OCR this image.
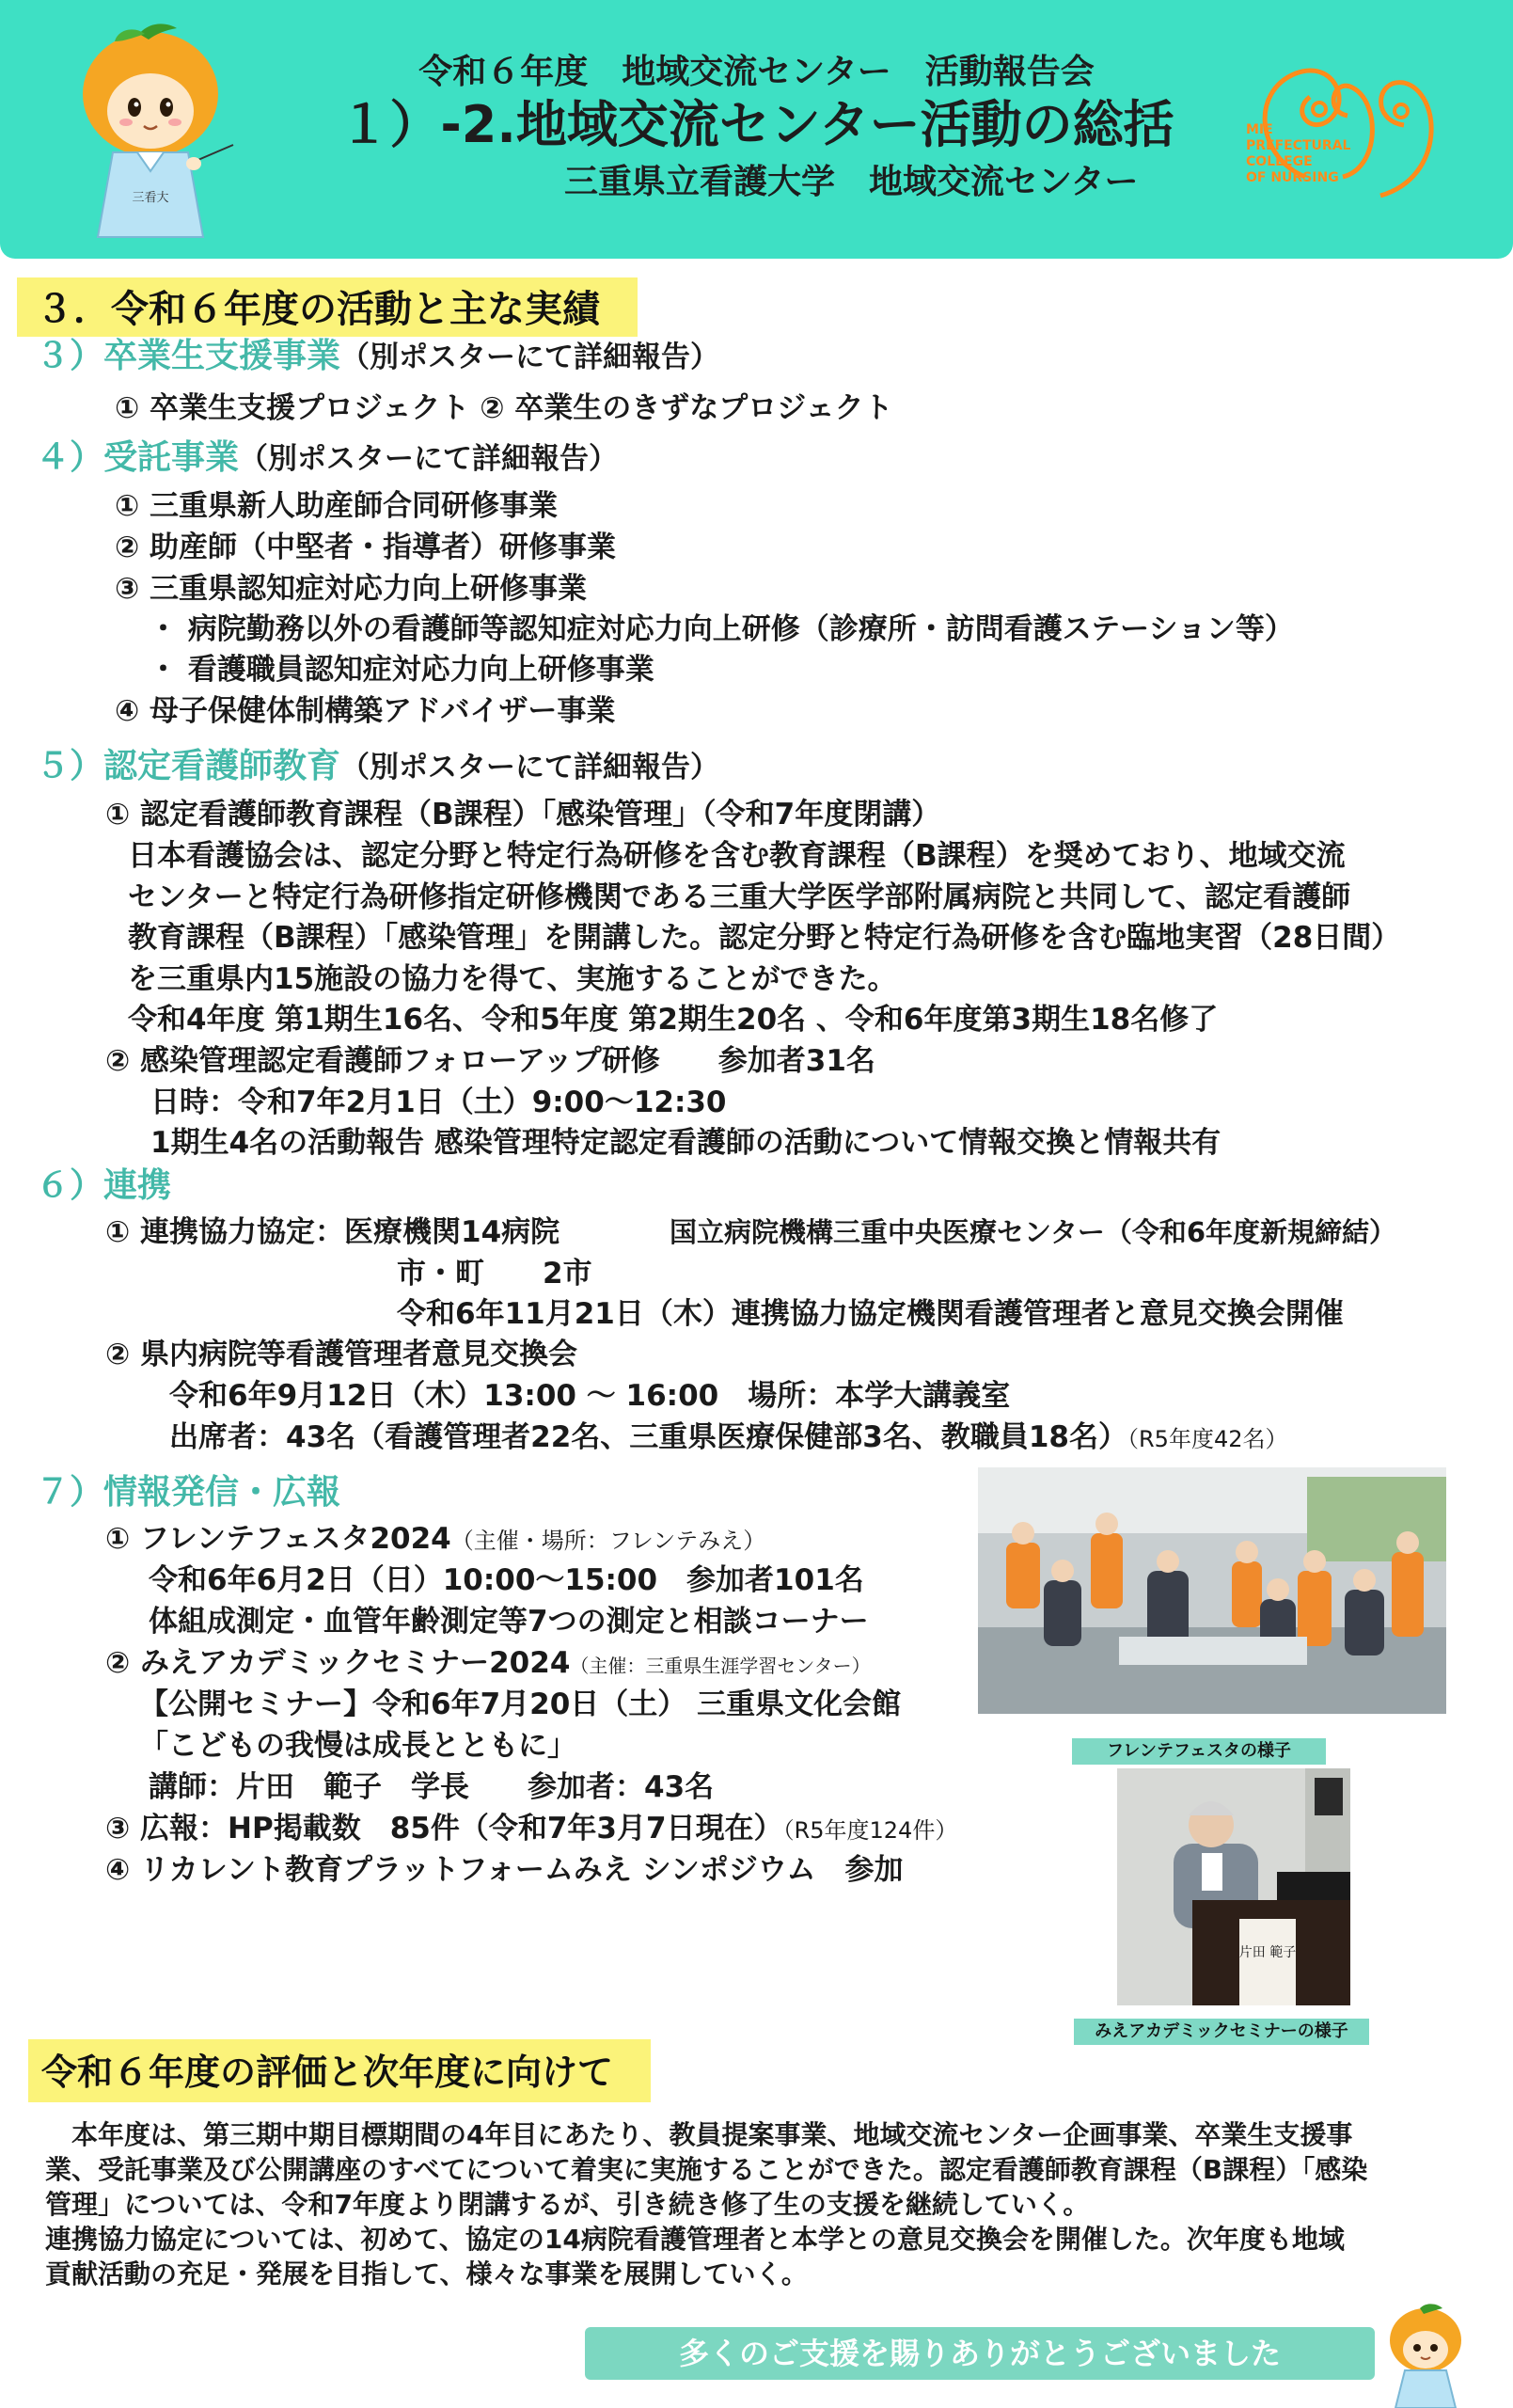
三看大
令和６年度　地域交流センター　活動報告会
１）-2.地域交流センター活動の総括
三重県立看護大学　地域交流センター
MIE
PREFECTURAL
COLLEGE
OF NURSING
３．令和６年度の活動と主な実績
３）卒業生支援事業（別ポスターにて詳細報告）
① 卒業生支援プロジェクト ② 卒業生のきずなプロジェクト
４）受託事業（別ポスターにて詳細報告）
① 三重県新人助産師合同研修事業
② 助産師（中堅者・指導者）研修事業
③ 三重県認知症対応力向上研修事業
・ 病院勤務以外の看護師等認知症対応力向上研修（診療所・訪問看護ステーション等）
・ 看護職員認知症対応力向上研修事業
④ 母子保健体制構築アドバイザー事業
５）認定看護師教育（別ポスターにて詳細報告）
① 認定看護師教育課程（B課程）「感染管理」（令和7年度閉講）
日本看護協会は、認定分野と特定行為研修を含む教育課程（B課程）を奨めており、地域交流
センターと特定行為研修指定研修機関である三重大学医学部附属病院と共同して、認定看護師
教育課程（B課程）「感染管理」を開講した。認定分野と特定行為研修を含む臨地実習（28日間）
を三重県内15施設の協力を得て、実施することができた。
令和4年度 第1期生16名、令和5年度 第2期生20名 、令和6年度第3期生18名修了
② 感染管理認定看護師フォローアップ研修　　参加者31名
日時：令和7年2月1日（土）9:00～12:30
1期生4名の活動報告 感染管理特定認定看護師の活動について情報交換と情報共有
６）連携
① 連携協力協定：医療機関14病院	国立病院機構三重中央医療センター（令和6年度新規締結）
市・町　　2市
令和6年11月21日（木）連携協力協定機関看護管理者と意見交換会開催
② 県内病院等看護管理者意見交換会
令和6年9月12日（木）13:00 ～ 16:00　場所：本学大講義室
出席者：43名（看護管理者22名、三重県医療保健部3名、教職員18名）（R5年度42名）
７）情報発信・広報
① フレンテフェスタ2024（主催・場所：フレンテみえ）
令和6年6月2日（日）10:00～15:00　参加者101名
体組成測定・血管年齢測定等7つの測定と相談コーナー
② みえアカデミックセミナー2024（主催：三重県生涯学習センター）
【公開セミナー】令和6年7月20日（土） 三重県文化会館
「こどもの我慢は成長とともに」
講師：片田　範子　学長　　参加者：43名
③ 広報：HP掲載数　85件（令和7年3月7日現在）（R5年度124件）
④ リカレント教育プラットフォームみえ シンポジウム　参加
フレンテフェスタの様子
片田 範子
みえアカデミックセミナーの様子
令和６年度の評価と次年度に向けて
　本年度は、第三期中期目標期間の4年目にあたり、教員提案事業、地域交流センター企画事業、卒業生支援事
業、受託事業及び公開講座のすべてについて着実に実施することができた。認定看護師教育課程（B課程）「感染
管理」については、令和7年度より閉講するが、引き続き修了生の支援を継続していく。
連携協力協定については、初めて、協定の14病院看護管理者と本学との意見交換会を開催した。次年度も地域
貢献活動の充足・発展を目指して、様々な事業を展開していく。
多くのご支援を賜りありがとうございました
